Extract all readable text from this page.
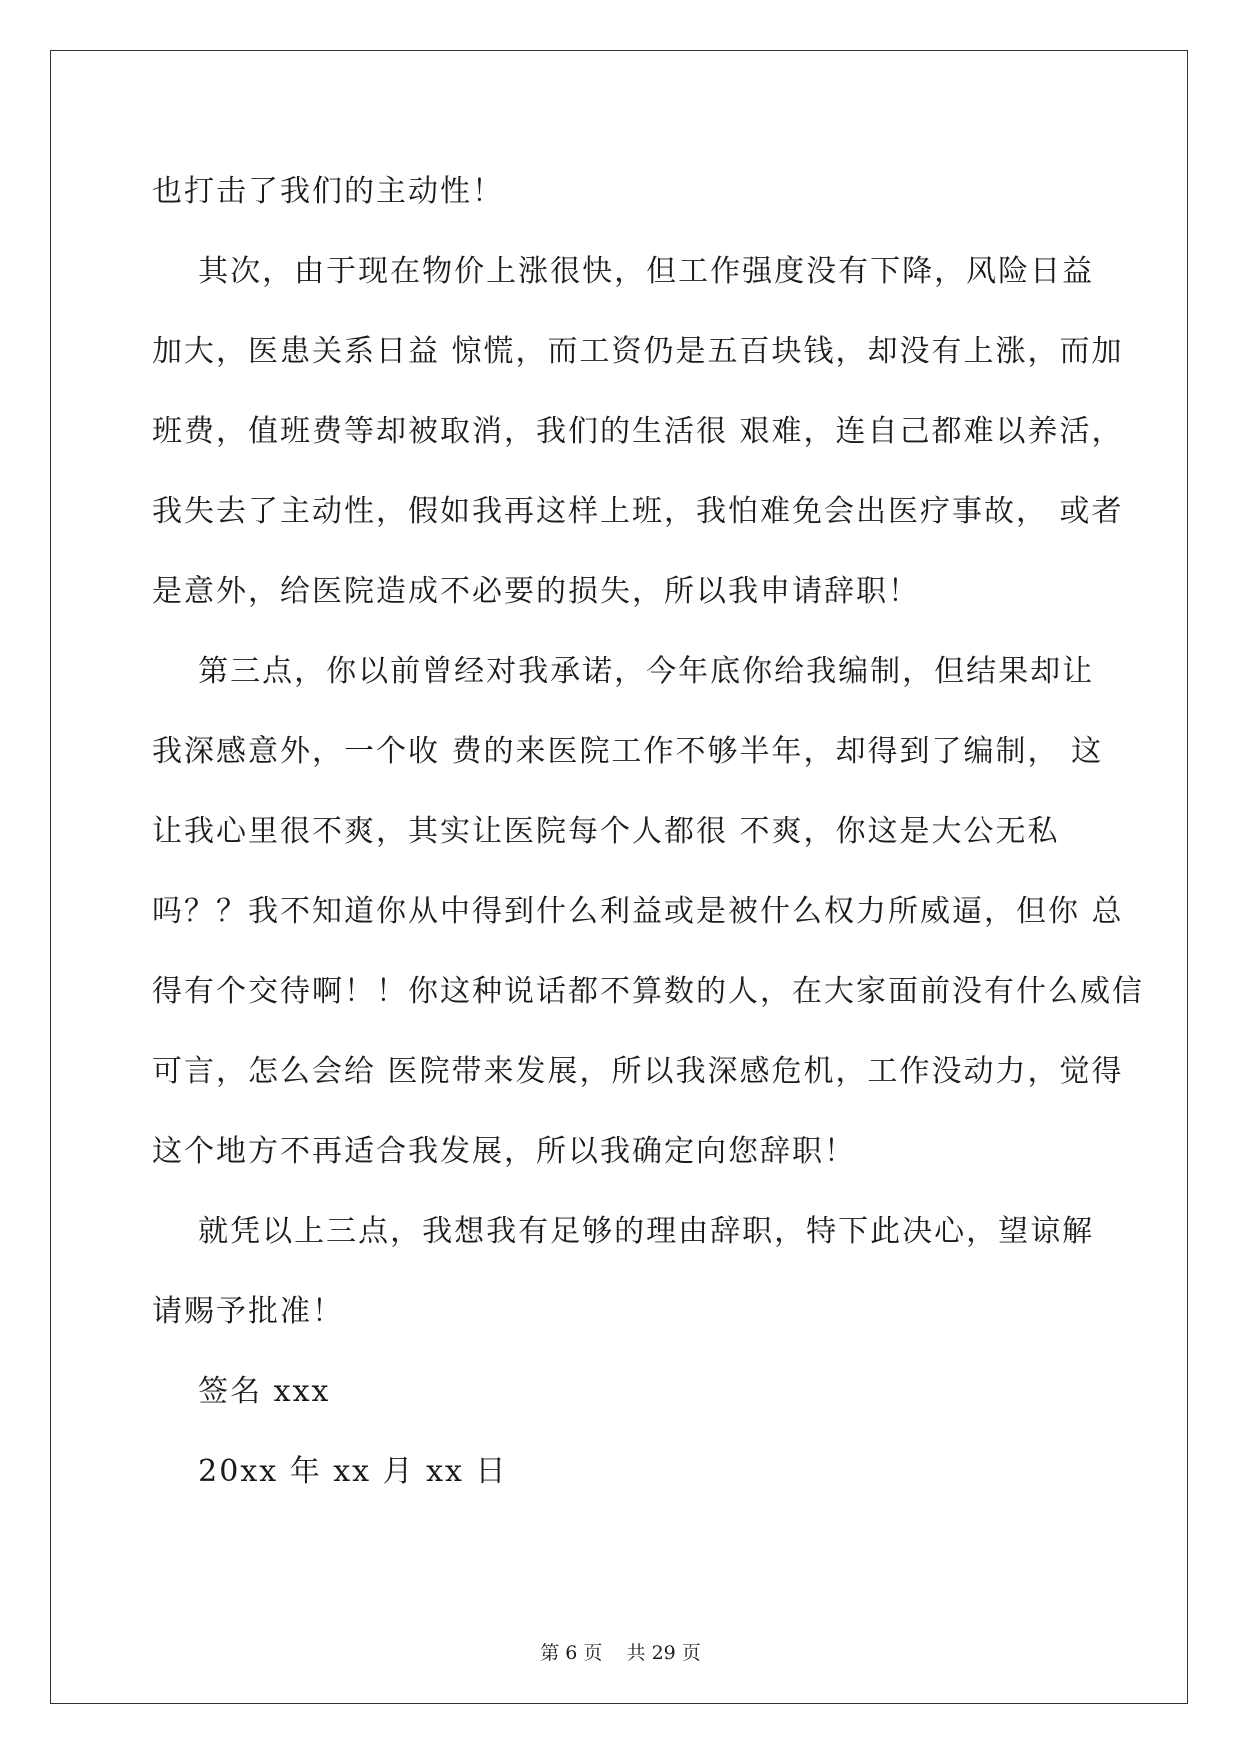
也打击了我们的主动性！
其次，由于现在物价上涨很快，但工作强度没有下降，风险日益
加大，医患关系日益 惊慌，而工资仍是五百块钱，却没有上涨，而加
班费，值班费等却被取消，我们的生活很 艰难，连自己都难以养活，
我失去了主动性，假如我再这样上班，我怕难免会出医疗事故， 或者
是意外，给医院造成不必要的损失，所以我申请辞职！
第三点，你以前曾经对我承诺，今年底你给我编制，但结果却让
我深感意外，一个收 费的来医院工作不够半年，却得到了编制， 这
让我心里很不爽，其实让医院每个人都很 不爽，你这是大公无私
吗？？我不知道你从中得到什么利益或是被什么权力所威逼，但你 总
得有个交待啊！！你这种说话都不算数的人，在大家面前没有什么威信
可言，怎么会给 医院带来发展，所以我深感危机，工作没动力，觉得
这个地方不再适合我发展，所以我确定向您辞职！
就凭以上三点，我想我有足够的理由辞职，特下此决心，望谅解
请赐予批准！
签名 xxx
20xx 年 xx 月 xx 日
第 6 页    共 29 页
